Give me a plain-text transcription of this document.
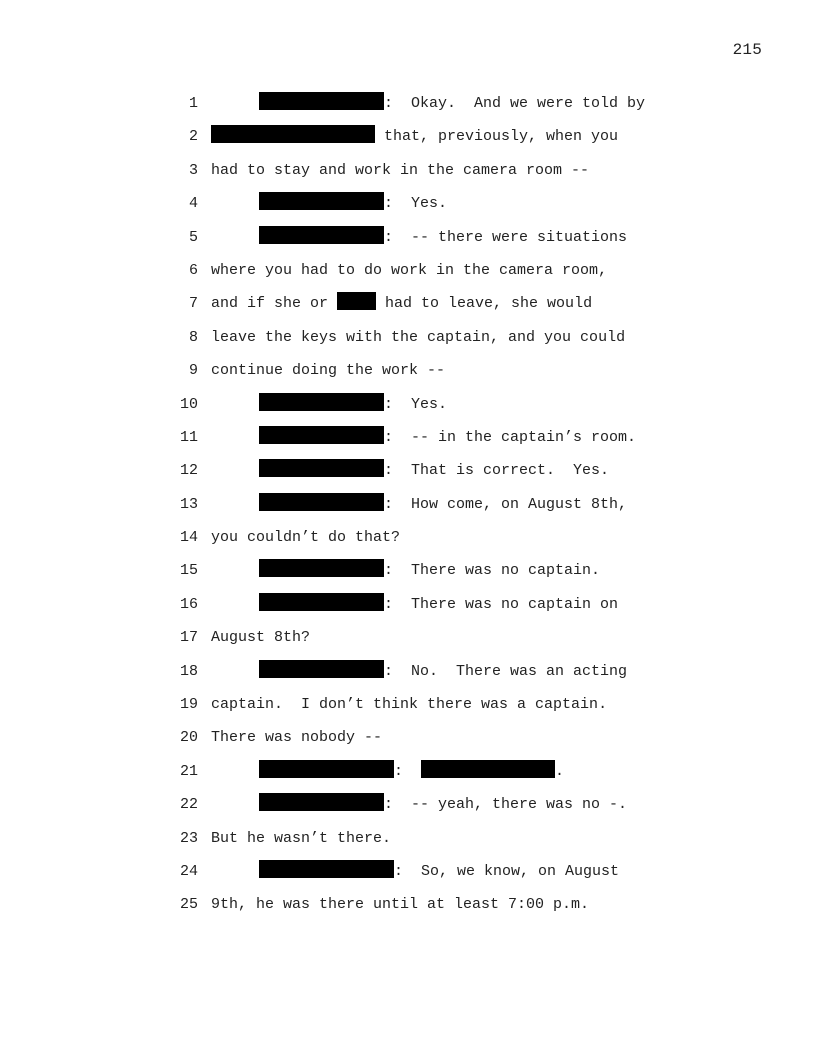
215
1	:  Okay.  And we were told by
2	that, previously, when you
3 had to stay and work in the camera room --
4	:  Yes.
5	:  -- there were situations
6 where you had to do work in the camera room,
7 and if she or	had to leave, she would
8 leave the keys with the captain, and you could
9 continue doing the work --
10	:  Yes.
11	:  -- in the captain’s room.
12	:  That is correct.  Yes.
13	:  How come, on August 8th,
14 you couldn’t do that?
15	:  There was no captain.
16	:  There was no captain on
17 August 8th?
18	:  No.  There was an acting
19 captain.  I don’t think there was a captain.
20 There was nobody --
21	:	.
22	:  -- yeah, there was no -.
23 But he wasn’t there.
24	:  So, we know, on August
25 9th, he was there until at least 7:00 p.m.
